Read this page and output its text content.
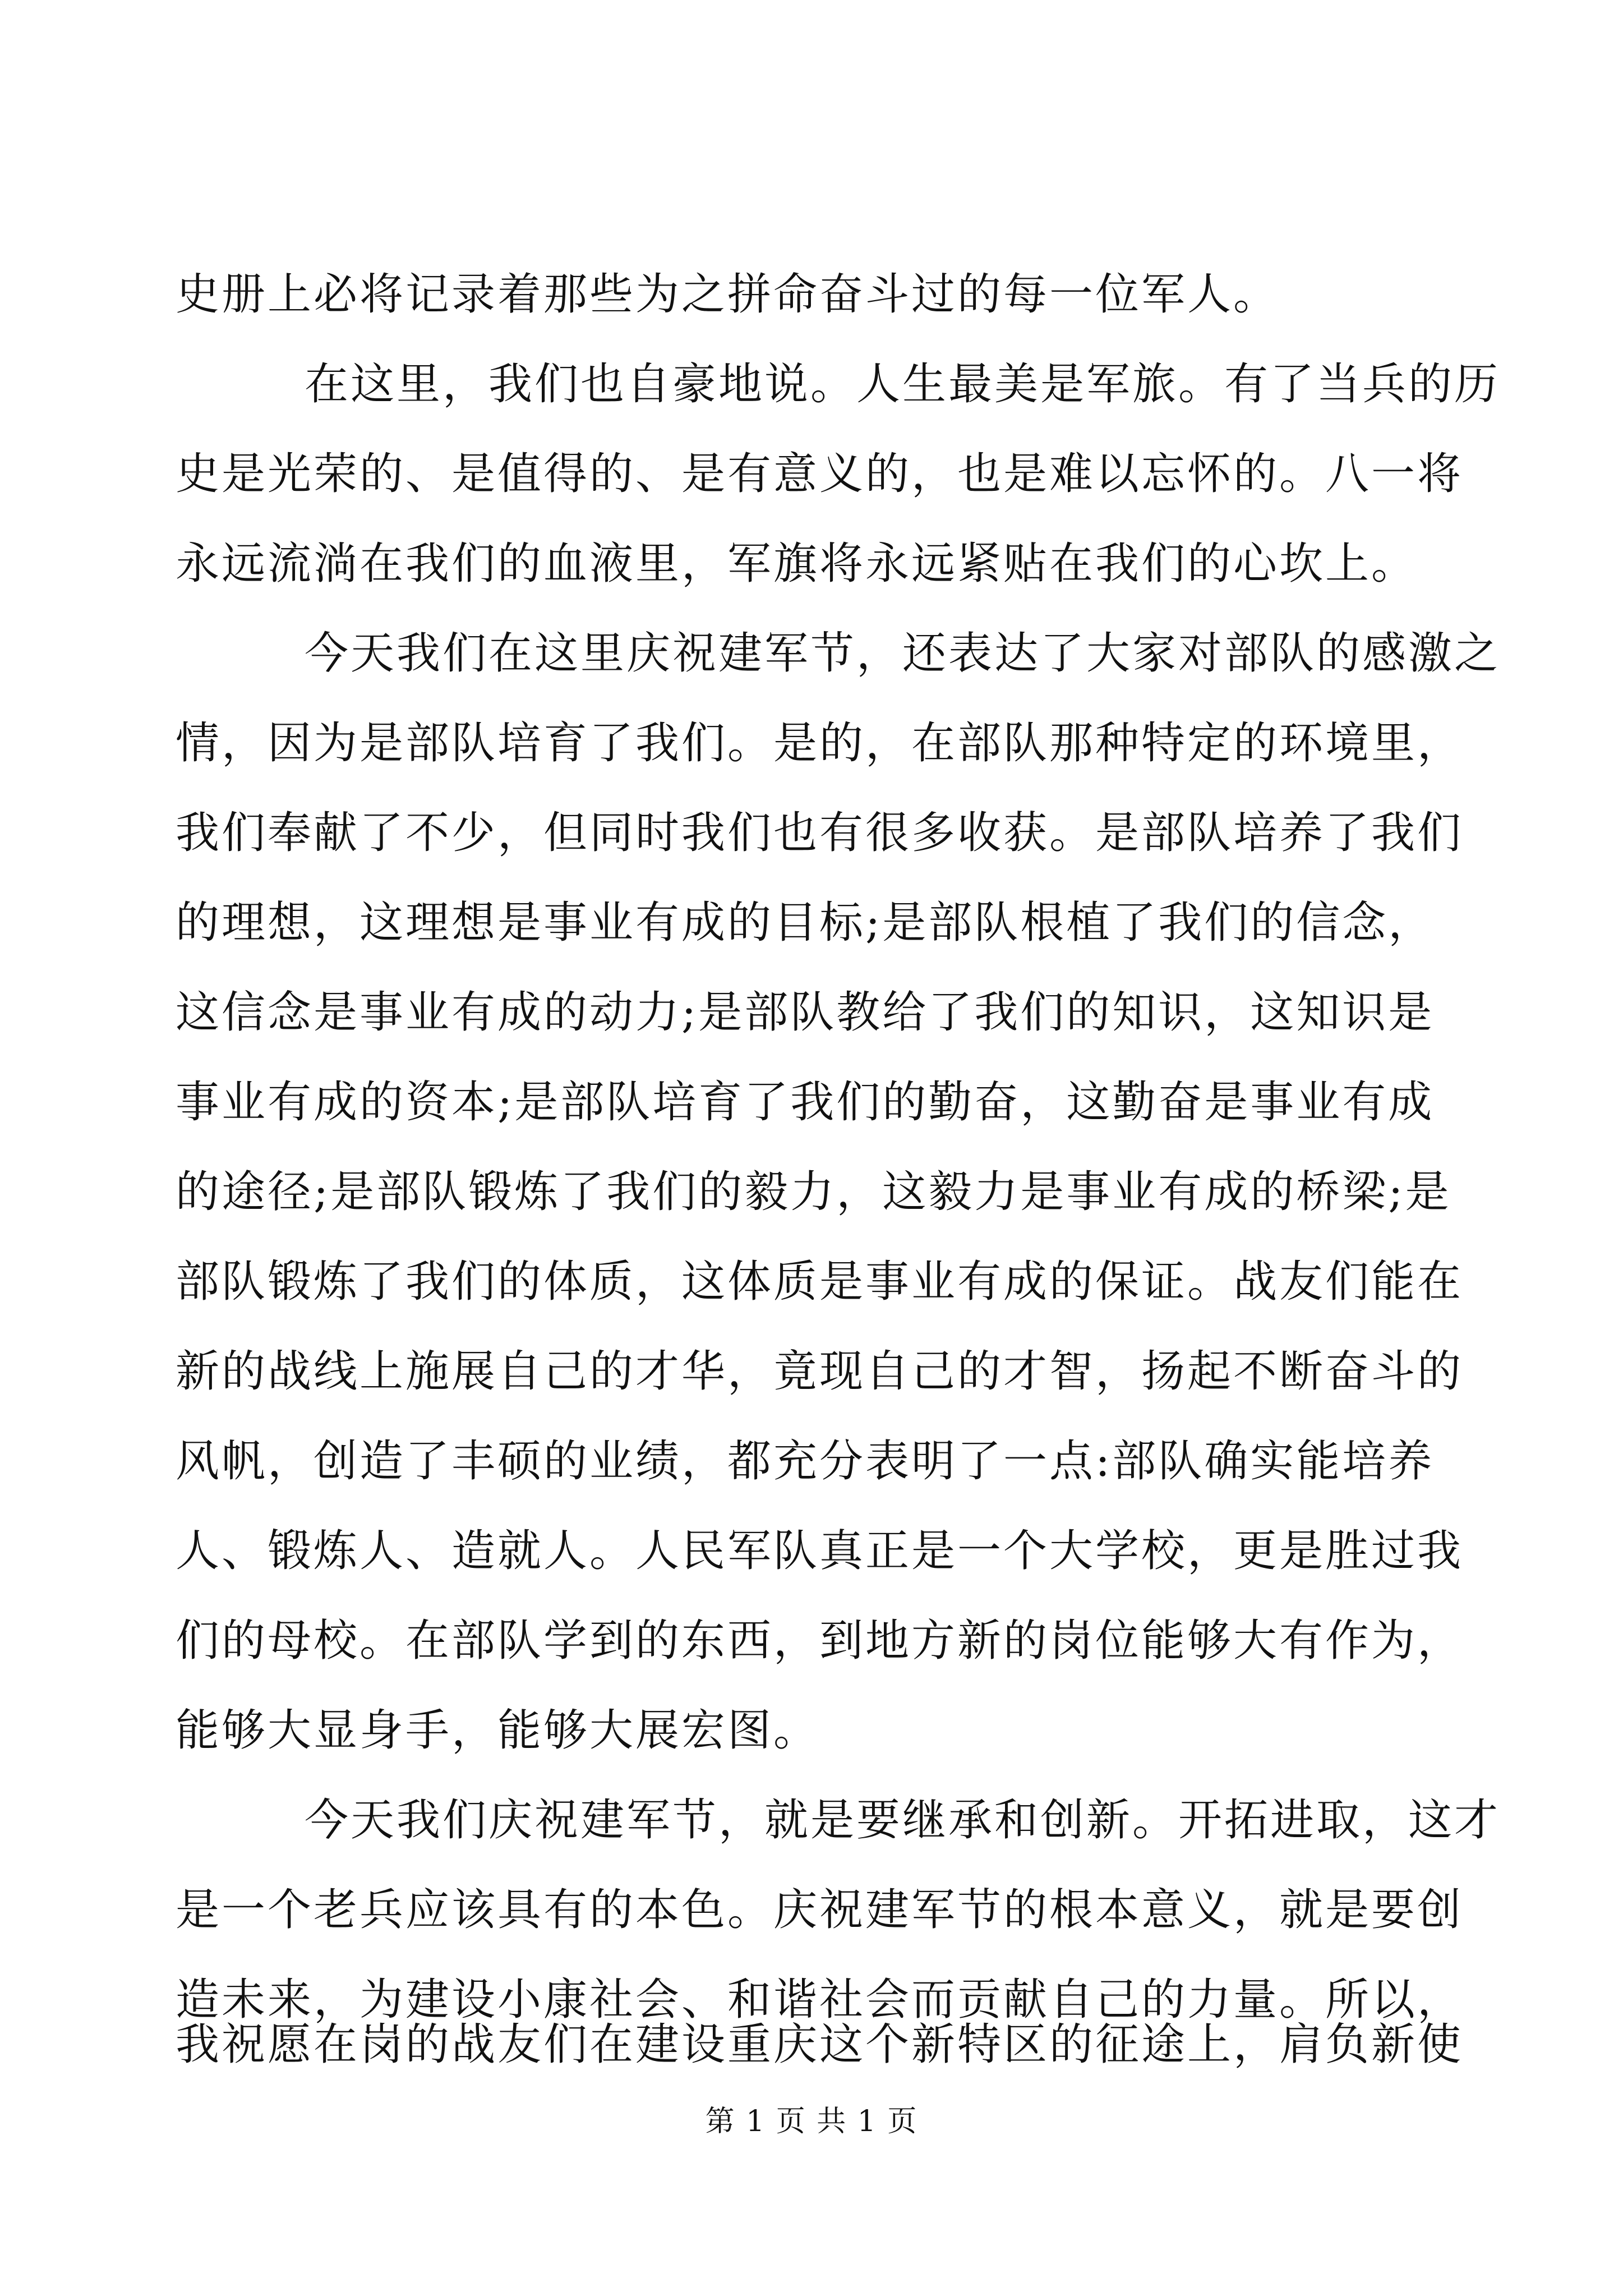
史册上必将记录着那些为之拼命奋斗过的每一位军人。
在这里，我们也自豪地说。人生最美是军旅。有了当兵的历
史是光荣的、是值得的、是有意义的，也是难以忘怀的。八一将
永远流淌在我们的血液里，军旗将永远紧贴在我们的心坎上。
今天我们在这里庆祝建军节，还表达了大家对部队的感激之
情，因为是部队培育了我们。是的，在部队那种特定的环境里，
我们奉献了不少，但同时我们也有很多收获。是部队培养了我们
的理想，这理想是事业有成的目标;是部队根植了我们的信念，
这信念是事业有成的动力;是部队教给了我们的知识，这知识是
事业有成的资本;是部队培育了我们的勤奋，这勤奋是事业有成
的途径;是部队锻炼了我们的毅力，这毅力是事业有成的桥梁;是
部队锻炼了我们的体质，这体质是事业有成的保证。战友们能在
新的战线上施展自己的才华，竟现自己的才智，扬起不断奋斗的
风帆，创造了丰硕的业绩，都充分表明了一点:部队确实能培养
人、锻炼人、造就人。人民军队真正是一个大学校，更是胜过我
们的母校。在部队学到的东西，到地方新的岗位能够大有作为，
能够大显身手，能够大展宏图。
今天我们庆祝建军节，就是要继承和创新。开拓进取，这才
是一个老兵应该具有的本色。庆祝建军节的根本意义，就是要创
造未来，为建设小康社会、和谐社会而贡献自己的力量。所以，
第 1 页 共 1 页
我祝愿在岗的战友们在建设重庆这个新特区的征途上，肩负新使
